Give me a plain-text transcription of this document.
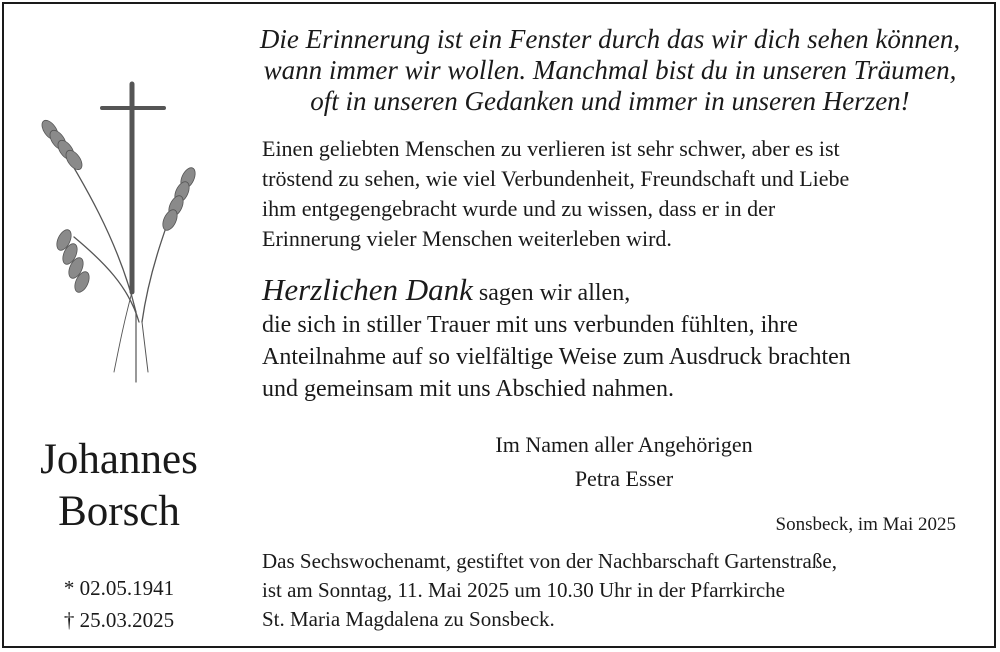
Die Erinnerung ist ein Fenster durch das wir dich sehen können,
wann immer wir wollen. Manchmal bist du in unseren Träumen,
oft in unseren Gedanken und immer in unseren Herzen!
Einen geliebten Menschen zu verlieren ist sehr schwer, aber es ist
tröstend zu sehen, wie viel Verbundenheit, Freundschaft und Liebe
ihm entgegengebracht wurde und zu wissen, dass er in der
Erinnerung vieler Menschen weiterleben wird.
Herzlichen Dank sagen wir allen,
die sich in stiller Trauer mit uns verbunden fühlten, ihre
Anteilnahme auf so vielfältige Weise zum Ausdruck brachten
und gemeinsam mit uns Abschied nahmen.
Johannes
Borsch
* 02.05.1941
† 25.03.2025
Im Namen aller Angehörigen
Petra Esser
Sonsbeck, im Mai 2025
Das Sechswochenamt, gestiftet von der Nachbarschaft Gartenstraße,
ist am Sonntag, 11. Mai 2025 um 10.30 Uhr in der Pfarrkirche
St. Maria Magdalena zu Sonsbeck.
